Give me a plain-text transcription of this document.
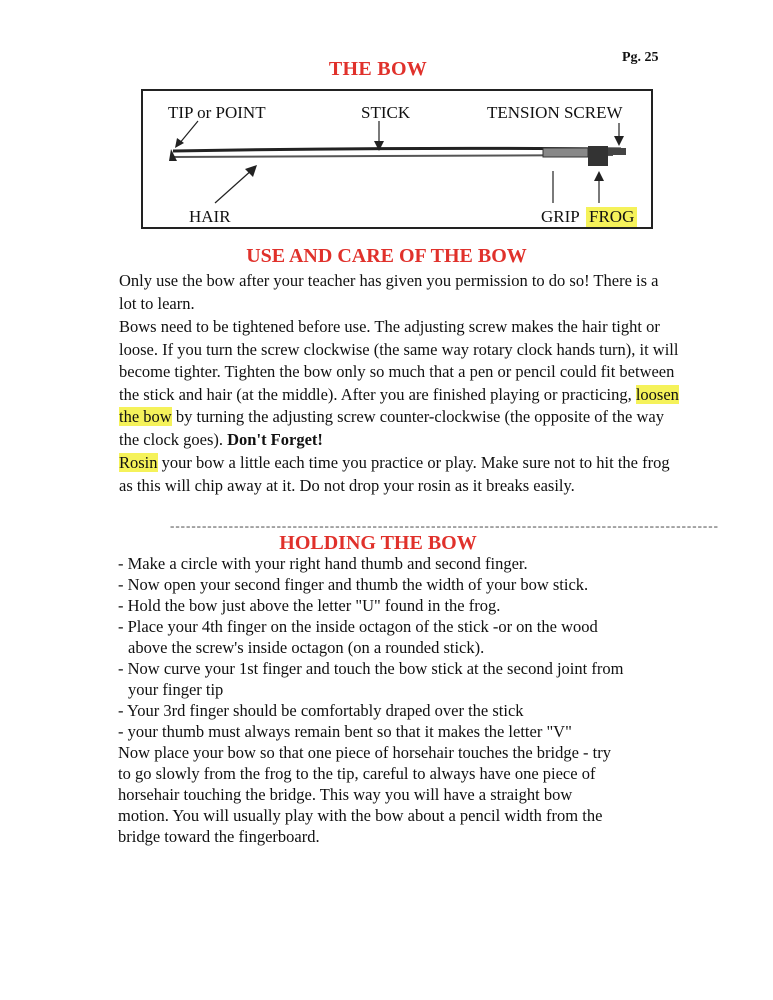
THE BOW
Pg. 25
TIP or POINT	STICK	TENSION SCREW
HAIR	GRIP FROG
USE AND CARE OF THE BOW
Only use the bow after your teacher has given you permission to do so! There is a lot to learn.
Bows need to be tightened before use. The adjusting screw makes the hair tight or loose. If you turn the screw clockwise (the same way rotary clock hands turn), it will become tighter. Tighten the bow only so much that a pen or pencil could fit between the stick and hair (at the middle). After you are finished playing or practicing, loosen the bow by turning the adjusting screw counter-clockwise (the opposite of the way the clock goes). Don't Forget!
Rosin your bow a little each time you practice or play. Make sure not to hit the frog as this will chip away at it. Do not drop your rosin as it breaks easily.
-------------------------------------------------------------------------------------------------------
HOLDING THE BOW
- Make a circle with your right hand thumb and second finger.
- Now open your second finger and thumb the width of your bow stick.
- Hold the bow just above the letter "U" found in the frog.
- Place your 4th finger on the inside octagon of the stick -or on the wood
above the screw's inside octagon (on a rounded stick).
- Now curve your 1st finger and touch the bow stick at the second joint from
your finger tip
- Your 3rd finger should be comfortably draped over the stick
- your thumb must always remain bent so that it makes the letter "V"
Now place your bow so that one piece of horsehair touches the bridge - try
to go slowly from the frog to the tip, careful to always have one piece of
horsehair touching the bridge. This way you will have a straight bow
motion. You will usually play with the bow about a pencil width from the
bridge toward the fingerboard.
